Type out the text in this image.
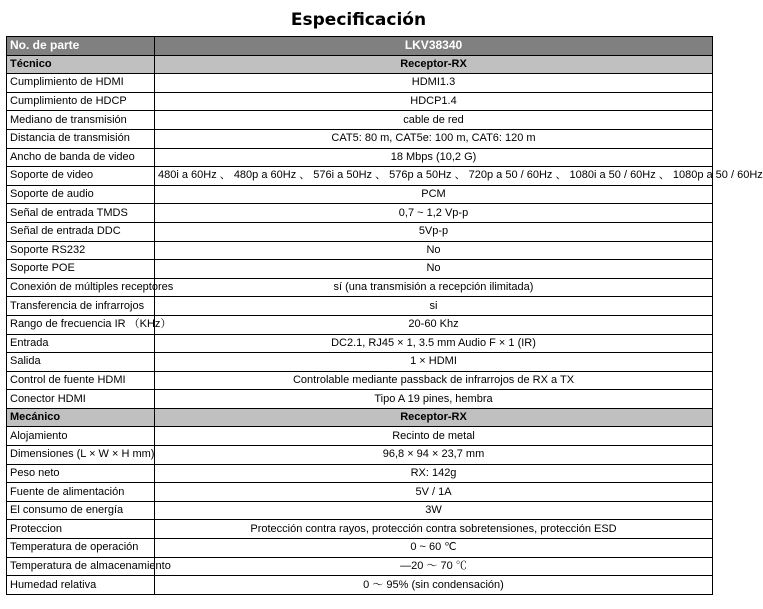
Especificación
No. de parte	LKV38340
Técnico	Receptor-RX
Cumplimiento de HDMI	HDMI1.3
Cumplimiento de HDCP	HDCP1.4
Mediano de transmisión	cable de red
Distancia de transmisión	CAT5: 80 m, CAT5e: 100 m, CAT6: 120 m
Ancho de banda de video	18 Mbps (10,2 G)
Soporte de video	480i a 60Hz 、 480p a 60Hz 、 576i a 50Hz 、 576p a 50Hz 、 720p a 50 / 60Hz 、 1080i a 50 / 60Hz 、 1080p a 50 / 60Hz
Soporte de audio	PCM
Señal de entrada TMDS	0,7 ~ 1,2 Vp-p
Señal de entrada DDC	5Vp-p
Soporte RS232	No
Soporte POE	No
Conexión de múltiples receptores	sí (una transmisión a recepción ilimitada)
Transferencia de infrarrojos	si
Rango de frecuencia IR （KHz）	20-60 Khz
Entrada	DC2.1, RJ45 × 1, 3.5 mm Audio F × 1 (IR)
Salida	1 × HDMI
Control de fuente HDMI	Controlable mediante passback de infrarrojos de RX a TX
Conector HDMI	Tipo A 19 pines, hembra
Mecánico	Receptor-RX
Alojamiento	Recinto de metal
Dimensiones (L × W × H mm)	96,8 × 94 × 23,7 mm
Peso neto	RX: 142g
Fuente de alimentación	5V / 1A
El consumo de energía	3W
Proteccion	Protección contra rayos, protección contra sobretensiones, protección ESD
Temperatura de operación	0 ~ 60 ℃
Temperatura de almacenamiento	—20 ～ 70 ℃
Humedad relativa	0 ～ 95% (sin condensación)
